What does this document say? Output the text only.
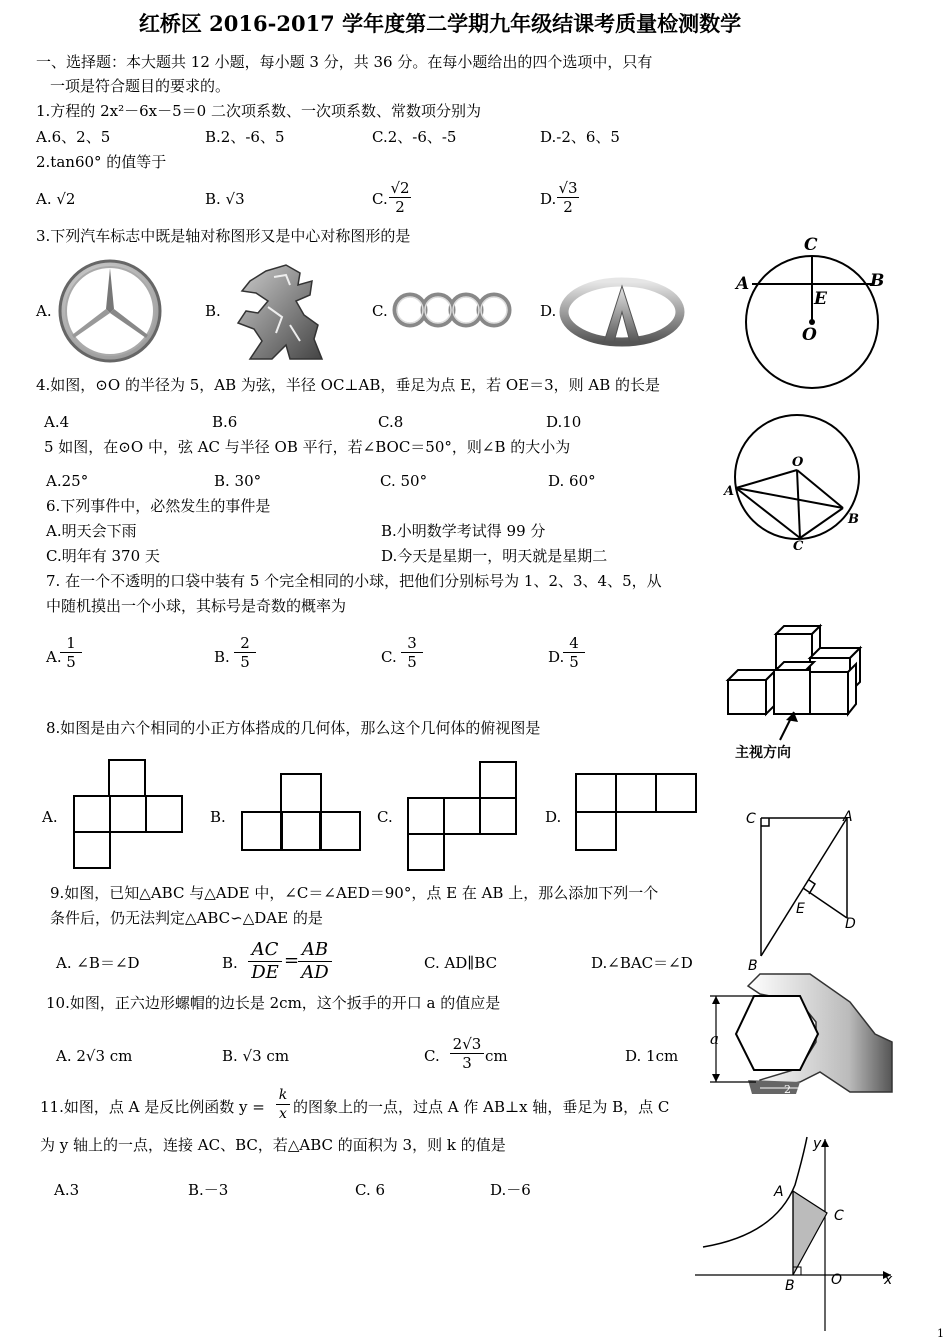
红桥区 2016-2017 学年度第二学期九年级结课考质量检测数学
一、选择题：本大题共 12 小题，每小题 3 分，共 36 分。在每小题给出的四个选项中，只有
一项是符合题目的要求的。
1.方程的 2x²－6x－5＝0 二次项系数、一次项系数、常数项分别为
A.6、2、5	B.2、-6、5	C.2、-6、-5	D.-2、6、5
2.tan60° 的值等于
A. √2	B. √3	C. $\frac{√2}{2}$	D. $\frac{√3}{2}$
3.下列汽车标志中既是轴对称图形又是中心对称图形的是
A.	B.	C.	D.
C
A	B
E
O
4.如图，⊙O 的半径为 5，AB 为弦，半径 OC⊥AB，垂足为点 E，若 OE＝3，则 AB 的长是
A.4	B.6	C.8	D.10
5 如图，在⊙O 中，弦 AC 与半径 OB 平行，若∠BOC＝50°，则∠B 的大小为
A.25°	B. 30°	C. 50°	D. 60°
O
A
B
C
6.下列事件中，必然发生的事件是
A.明天会下雨	B.小明数学考试得 99 分
C.明年有 370 天	D.今天是星期一，明天就是星期二
7. 在一个不透明的口袋中装有 5 个完全相同的小球，把他们分别标号为 1、2、3、4、5，从
中随机摸出一个小球，其标号是奇数的概率为
A.
$\frac{1}{5}$	B. $\frac{2}{5}$	C. $\frac{3}{5}$	D.
$\frac{4}{5}$
主视方向
8.如图是由六个相同的小正方体搭成的几何体，那么这个几何体的俯视图是
A.	B.	C.	D.	C	A
E
D
B
9.如图，已知△ABC 与△ADE 中，∠C＝∠AED＝90°，点 E 在 AB 上，那么添加下列一个
条件后，仍无法判定△ABC∽△DAE 的是
A. ∠B＝∠D	B. $\frac{AC}{DE}$ =
$\frac{AB}{AD}$	C. AD∥BC	D.∠BAC＝∠D
10.如图，正六边形螺帽的边长是 2cm，这个扳手的开口 a 的值应是
A. 2√3 cm	B. √3 cm	C. $\frac{2√3}{3}$ cm	D. 1cm
a
2
11.如图，点 A 是反比例函数 $y = \frac{k}{x}$ 的图象上的一点，过点 A 作 AB⊥x 轴，垂足为 B，点 C
为 y 轴上的一点，连接 AC、BC，若△ABC 的面积为 3，则 k 的值是
A.3	B.－3	C. 6	D.－6
y
A
C
B	O	x
1
